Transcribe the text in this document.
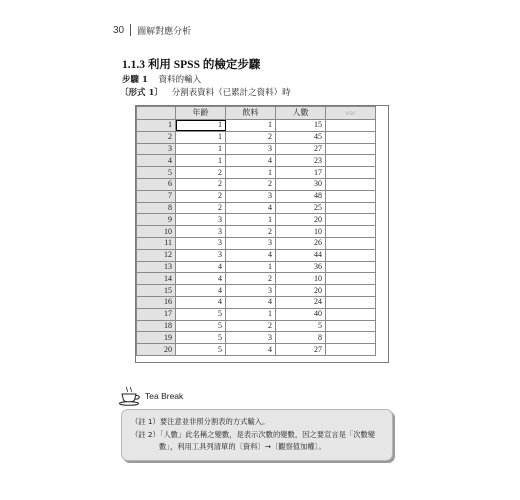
30 圖解對應分析
1.1.3 利用 SPSS 的檢定步驟
步驟 1 資料的輸入
〔形式 1〕 分割表資料（已累計之資料）時
	年齡	飲料	人數	var
1	1	1	15	
2	1	2	45	
3	1	3	27	
4	1	4	23	
5	2	1	17	
6	2	2	30	
7	2	3	48	
8	2	4	25	
9	3	1	20	
10	3	2	10	
11	3	3	26	
12	3	4	44	
13	4	1	36	
14	4	2	10	
15	4	3	20	
16	4	4	24	
17	5	1	40	
18	5	2	5	
19	5	3	8	
20	5	4	27	
Tea Break
（註 1）要注意並非照分割表的方式輸入。
（註 2）「人數」此名稱之變數，是表示次數的變數，因之要宣言是「次數變
數」，利用工具列清單的〔資料〕→〔觀察值加權〕。
